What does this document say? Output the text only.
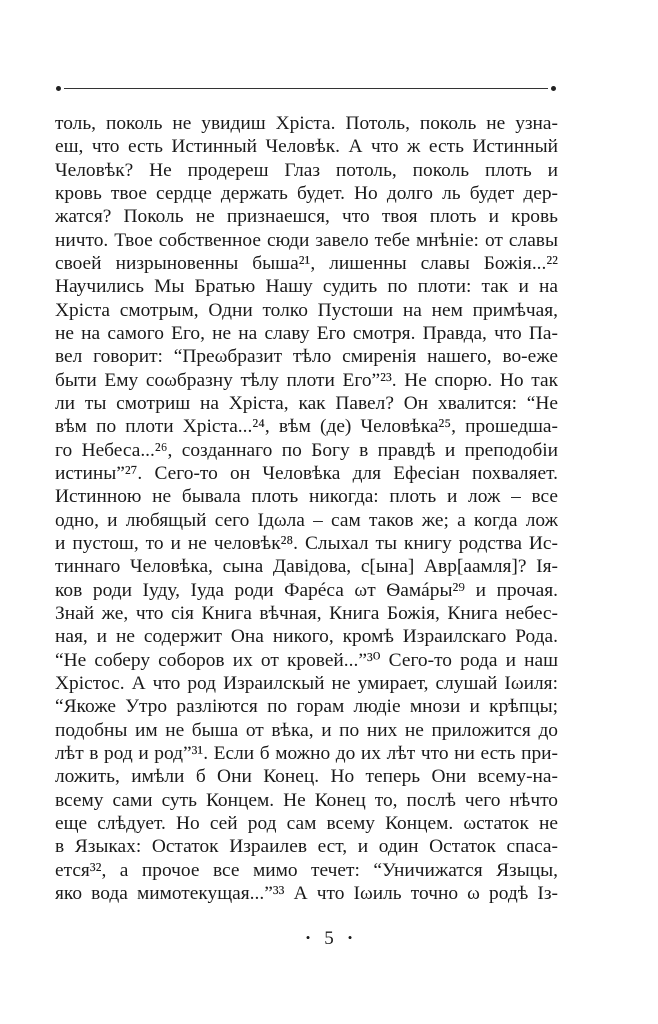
толь, поколь не увидиш Хрiста. Потоль, поколь не узна-
еш, что есть Истинный Человѣк. А что ж есть Истинный
Человѣк? Не продереш Глаз потоль, поколь плоть и
кровь твое сердце держать будет. Но долго ль будет дер-
жатся? Поколь не признаешся, что твоя плоть и кровь
ничто. Твое собственное сюди завело тебе мнѣнiе: от славы
своей низрыновенны быша²¹, лишенны славы Божiя...²²
Научились Мы Братью Нашу судить по плоти: так и на
Хрiста смотрым, Одни толко Пустоши на нем примѣчая,
не на самого Его, не на славу Его смотря. Правда, что Па-
вел говорит: “Преωбразит тѣло смиренiя нашего, во-еже
быти Ему соωбразну тѣлу плоти Его”²³. Не спорю. Но так
ли ты смотриш на Хрiста, как Павел? Он хвалится: “Не
вѣм по плоти Хрiста...²⁴, вѣм (де) Человѣка²⁵, прошедша-
го Небеса...²⁶, созданнаго по Богу в правдѣ и преподобiи
истины”²⁷. Сего-то он Человѣка для Ефесiан похваляет.
Истинною не бывала плоть никогда: плоть и лож – все
одно, и любящый сего Iдωла – сам таков же; а когда лож
и пустош, то и не человѣк²⁸. Слыхал ты книгу родства Ис-
тиннаго Человѣка, сына Давiдова, с[ына] Авр[аамля]? Iя-
ков роди Iуду, Iуда роди Фарéса ωт Ѳамáры²⁹ и прочая.
Знай же, что сiя Книга вѣчная, Книга Божiя, Книга небес-
ная, и не содержит Она никого, кромѣ Израилскаго Рода.
“Не соберу соборов их от кровей...”³⁰ Сего-то рода и наш
Хрiстос. А что род Израилскый не умирает, слушай Iωиля:
“Якоже Утро разлiются по горам людiе мнози и крѣпцы;
подобны им не быша от вѣка, и по них не приложится до
лѣт в род и род”³¹. Если б можно до их лѣт что ни есть при-
ложить, имѣли б Они Конец. Но теперь Они всему-на-
всему сами суть Концем. Не Конец то, послѣ чего нѣчто
еще слѣдует. Но сей род сам всему Концем. ωстаток не
в Языках: Остаток Израилев ест, и один Остаток спаса-
ется³², а прочое все мимо течет: “Уничижатся Языцы,
яко вода мимотекущая...”³³ А что Iωиль точно ω родѣ Iз-
• 5 •
